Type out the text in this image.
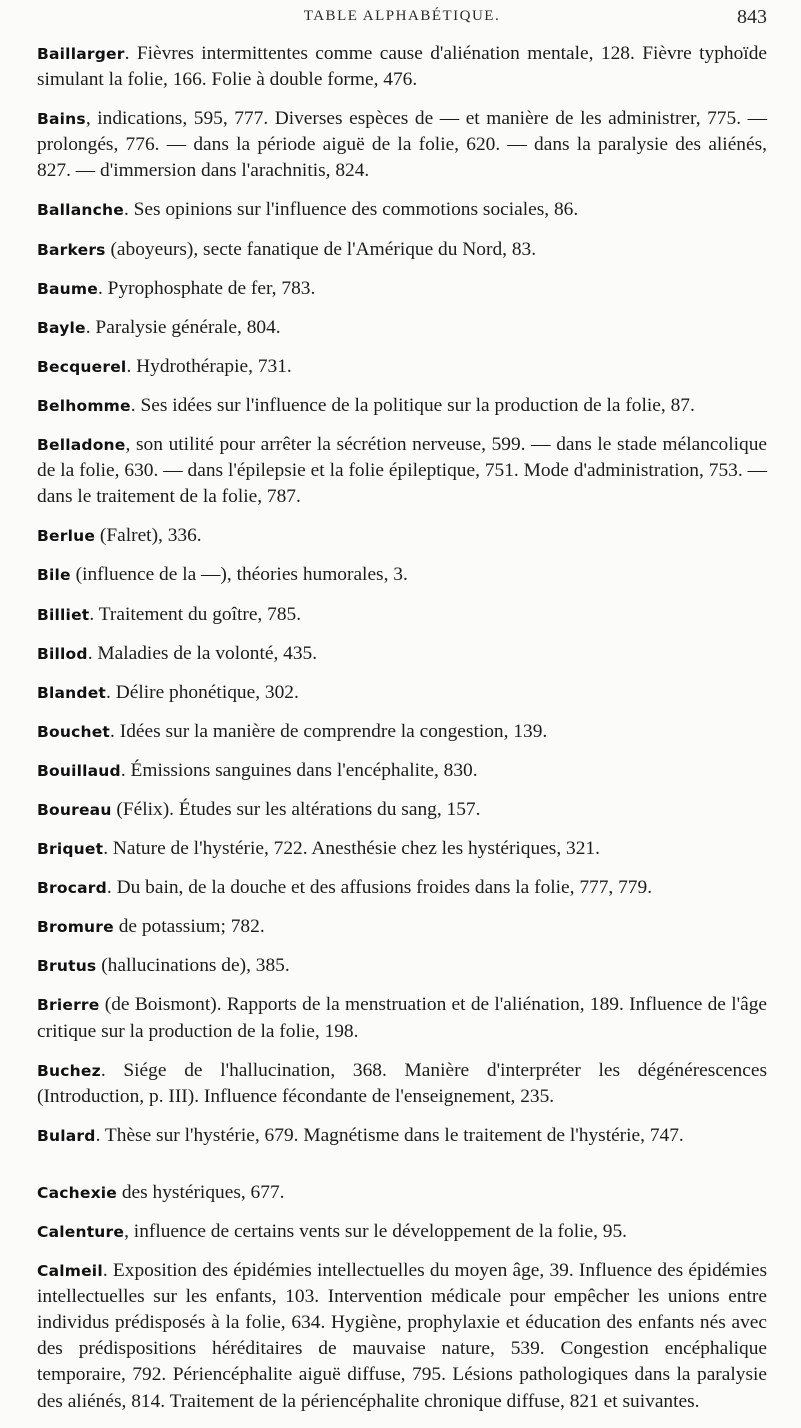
TABLE ALPHABÉTIQUE.	843

Baillarger. Fièvres intermittentes comme cause d'aliénation mentale, 128. Fièvre typhoïde simulant la folie, 166. Folie à double forme, 476.

Bains, indications, 595, 777. Diverses espèces de — et manière de les administrer, 775. — prolongés, 776. — dans la période aiguë de la folie, 620. — dans la paralysie des aliénés, 827. — d'immersion dans l'arachnitis, 824.

Ballanche. Ses opinions sur l'influence des commotions sociales, 86.

Barkers (aboyeurs), secte fanatique de l'Amérique du Nord, 83.

Baume. Pyrophosphate de fer, 783.

Bayle. Paralysie générale, 804.

Becquerel. Hydrothérapie, 731.

Belhomme. Ses idées sur l'influence de la politique sur la production de la folie, 87.

Belladone, son utilité pour arrêter la sécrétion nerveuse, 599. — dans le stade mélancolique de la folie, 630. — dans l'épilepsie et la folie épileptique, 751. Mode d'administration, 753. — dans le traitement de la folie, 787.

Berlue (Falret), 336.

Bile (influence de la —), théories humorales, 3.

Billiet. Traitement du goître, 785.

Billod. Maladies de la volonté, 435.

Blandet. Délire phonétique, 302.

Bouchet. Idées sur la manière de comprendre la congestion, 139.

Bouillaud. Émissions sanguines dans l'encéphalite, 830.

Boureau (Félix). Études sur les altérations du sang, 157.

Briquet. Nature de l'hystérie, 722. Anesthésie chez les hystériques, 321.

Brocard. Du bain, de la douche et des affusions froides dans la folie, 777, 779.

Bromure de potassium; 782.

Brutus (hallucinations de), 385.

Brierre (de Boismont). Rapports de la menstruation et de l'aliénation, 189. Influence de l'âge critique sur la production de la folie, 198.

Buchez. Siége de l'hallucination, 368. Manière d'interpréter les dégénérescences (Introduction, p. III). Influence fécondante de l'enseignement, 235.

Bulard. Thèse sur l'hystérie, 679. Magnétisme dans le traitement de l'hystérie, 747.

Cachexie des hystériques, 677.

Calenture, influence de certains vents sur le développement de la folie, 95.

Calmeil. Exposition des épidémies intellectuelles du moyen âge, 39. Influence des épidémies intellectuelles sur les enfants, 103. Intervention médicale pour empêcher les unions entre individus prédisposés à la folie, 634. Hygiène, prophylaxie et éducation des enfants nés avec des prédispositions héréditaires de mauvaise nature, 539. Congestion encéphalique temporaire, 792. Périencéphalite aiguë diffuse, 795. Lésions pathologiques dans la paralysie des aliénés, 814. Traitement de la périencéphalite chronique diffuse, 821 et suivantes.
